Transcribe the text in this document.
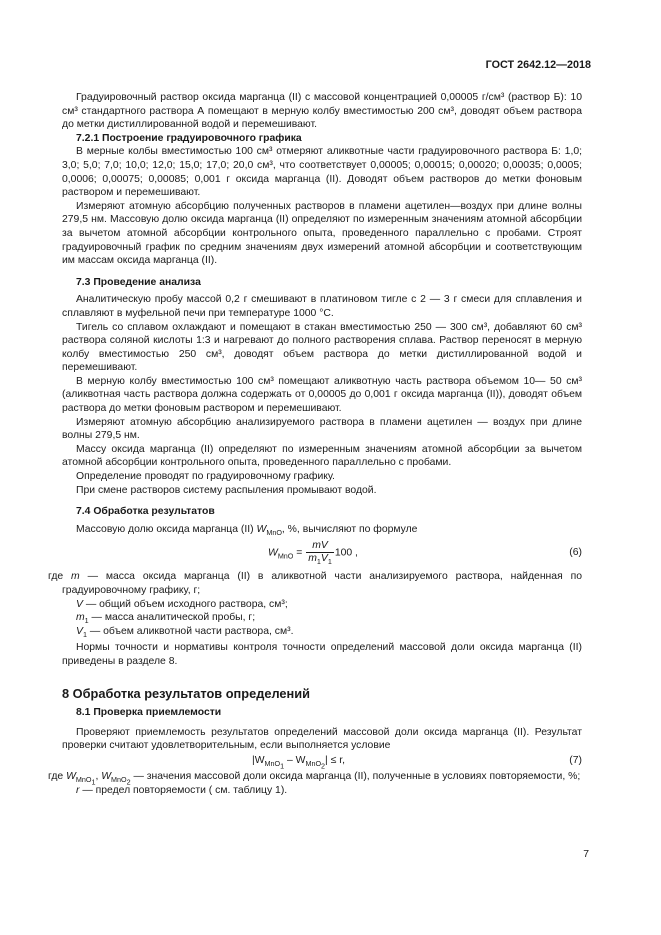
ГОСТ 2642.12—2018

Градуировочный раствор оксида марганца (II) с массовой концентрацией 0,00005 г/см³ (раствор Б): 10 см³ стандартного раствора А помещают в мерную колбу вместимостью 200 см³, доводят объем раствора до метки дистиллированной водой и перемешивают.

7.2.1 Построение градуировочного графика

В мерные колбы вместимостью 100 см³ отмеряют аликвотные части градуировочного раствора Б: 1,0; 3,0; 5,0; 7,0; 10,0; 12,0; 15,0; 17,0; 20,0 см³, что соответствует 0,00005; 0,00015; 0,00020; 0,00035; 0,0005; 0,0006; 0,00075; 0,00085; 0,001 г оксида марганца (II). Доводят объем растворов до метки фоновым раствором и перемешивают.

Измеряют атомную абсорбцию полученных растворов в пламени ацетилен—воздух при длине волны 279,5 нм. Массовую долю оксида марганца (II) определяют по измеренным значениям атомной абсорбции за вычетом атомной абсорбции контрольного опыта, проведенного параллельно с пробами. Строят градуировочный график по средним значениям двух измерений атомной абсорбции и соответствующим им массам оксида марганца (II).

7.3 Проведение анализа

Аналитическую пробу массой 0,2 г смешивают в платиновом тигле с 2 — 3 г смеси для сплавления и сплавляют в муфельной печи при температуре 1000 °С.

Тигель со сплавом охлаждают и помещают в стакан вместимостью 250 — 300 см³, добавляют 60 см³ раствора соляной кислоты 1:3 и нагревают до полного растворения сплава. Раствор переносят в мерную колбу вместимостью 250 см³, доводят объем раствора до метки дистиллированной водой и перемешивают.

В мерную колбу вместимостью 100 см³ помещают аликвотную часть раствора объемом 10— 50 см³ (аликвотная часть раствора должна содержать от 0,00005 до 0,001 г оксида марганца (II)), доводят объем раствора до метки фоновым раствором и перемешивают.

Измеряют атомную абсорбцию анализируемого раствора в пламени ацетилен — воздух при длине волны 279,5 нм.

Массу оксида марганца (II) определяют по измеренным значениям атомной абсорбции за вычетом атомной абсорбции контрольного опыта, проведенного параллельно с пробами.

Определение проводят по градуировочному графику.

При смене растворов систему распыления промывают водой.

7.4 Обработка результатов

Массовую долю оксида марганца (II) $W_{MnO}$, %, вычисляют по формуле

$W_{MnO} = \frac{mV}{m_1V_1} 100$ ,	(6)

где m — масса оксида марганца (II) в аликвотной части анализируемого раствора, найденная по градуировочному графику, г;

V — общий объем исходного раствора, см³;

$m_1$ — масса аналитической пробы, г;

$V_1$ — объем аликвотной части раствора, см³.

Нормы точности и нормативы контроля точности определений массовой доли оксида марганца (II) приведены в разделе 8.

8 Обработка результатов определений
8.1 Проверка приемлемости

Проверяют приемлемость результатов определений массовой доли оксида марганца (II). Результат проверки считают удовлетворительным, если выполняется условие

$|W_{MnO_1} - W_{MnO_2}| \le r$,	(7)

где $W_{MnO_1}$, $W_{MnO_2}$ — значения массовой доли оксида марганца (II), полученные в условиях повторяемости, %;

r — предел повторяемости ( см. таблицу 1).

7
